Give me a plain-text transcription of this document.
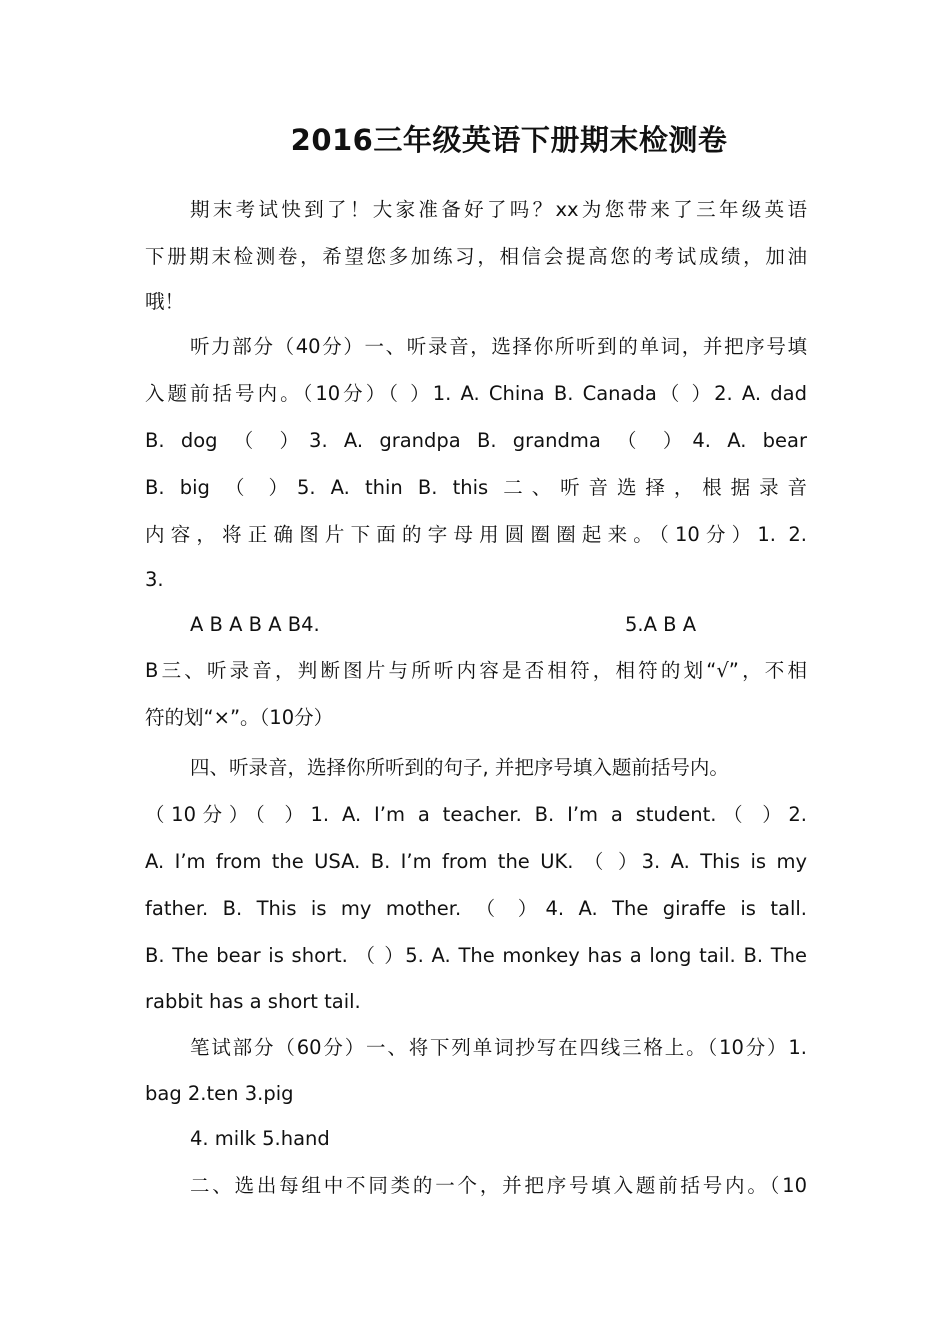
2016三年级英语下册期末检测卷
期末考试快到了！大家准备好了吗？xx为您带来了三年级英语
下册期末检测卷，希望您多加练习，相信会提高您的考试成绩，加油
哦！
听力部分（40分）一、听录音，选择你所听到的单词，并把序号填
入题前括号内。（10分）（ ）1. A. China B. Canada（ ）2. A. dad
B. dog （ ）3. A. grandpa B. grandma （ ）4. A. bear
B. big （ ）5. A. thin B. this 二、听音选择，根据录音
内容，将正确图片下面的字母用圆圈圈起来。（10分）1. 2.
3.
A B A B A B4.	5.A B A
B三、听录音，判断图片与所听内容是否相符，相符的划“√”，不相
符的划“×”。（10分）
四、听录音，选择你所听到的句子, 并把序号填入题前括号内。
（10分）（ ）1. A. I’m a teacher. B. I’m a student.（ ）2.
A. I’m from the USA. B. I’m from the UK. （ ）3. A. This is my
father. B. This is my mother. （ ）4. A. The giraffe is tall.
B. The bear is short. （ ）5. A. The monkey has a long tail. B. The
rabbit has a short tail.
笔试部分（60分）一、将下列单词抄写在四线三格上。（10分）1.
bag 2.ten 3.pig
4. milk 5.hand
二、选出每组中不同类的一个，并把序号填入题前括号内。（10
